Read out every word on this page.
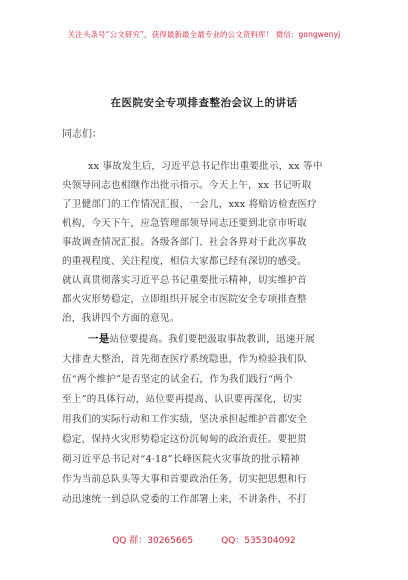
关注头条号“公文研究”，获得最新最全最专业的公文资料库！ 微信：gongwenyj
在医院安全专项排查整治会议上的讲话
同志们：
xx 事故发生后，习近平总书记作出重要批示，xx 等中
央领导同志也相继作出批示指示。今天上午，xx 书记听取
了卫健部门的工作情况汇报，一会儿，xxx 将赔访检查医疗
机构，今天下午，应急管理部领导同志还要到北京市听取
事故调查情况汇报。各级各部门、社会各界对于此次事故
的重视程度、关注程度，相信大家都已经有深切的感受。
就认真贯彻落实习近平总书记重要批示精神，切实维护首
都火灾形势稳定，立即组织开展全市医院安全专项排查整
治，我讲四个方面的意见。
一是站位要提高。我们要把汲取事故教训，迅速开展
大排查大整治，首先彻查医疗系统隐患，作为检验我们队
伍“两个维护”是否坚定的试金石，作为我们践行“两个
至上”的具体行动，站位要再提高、认识要再深化，切实
用我们的实际行动和工作实绩，坚决承担起维护首都安全
稳定，保持火灾形势稳定这份沉甸甸的政治责任。要把贯
彻习近平总书记对“4·18”长峰医院火灾事故的批示精神
作为当前总队头等大事和首要政治任务，切实把思想和行
动迅速统一到总队党委的工作部署上来，不讲条件、不打
QQ 群：30265665	QQ：535304092
